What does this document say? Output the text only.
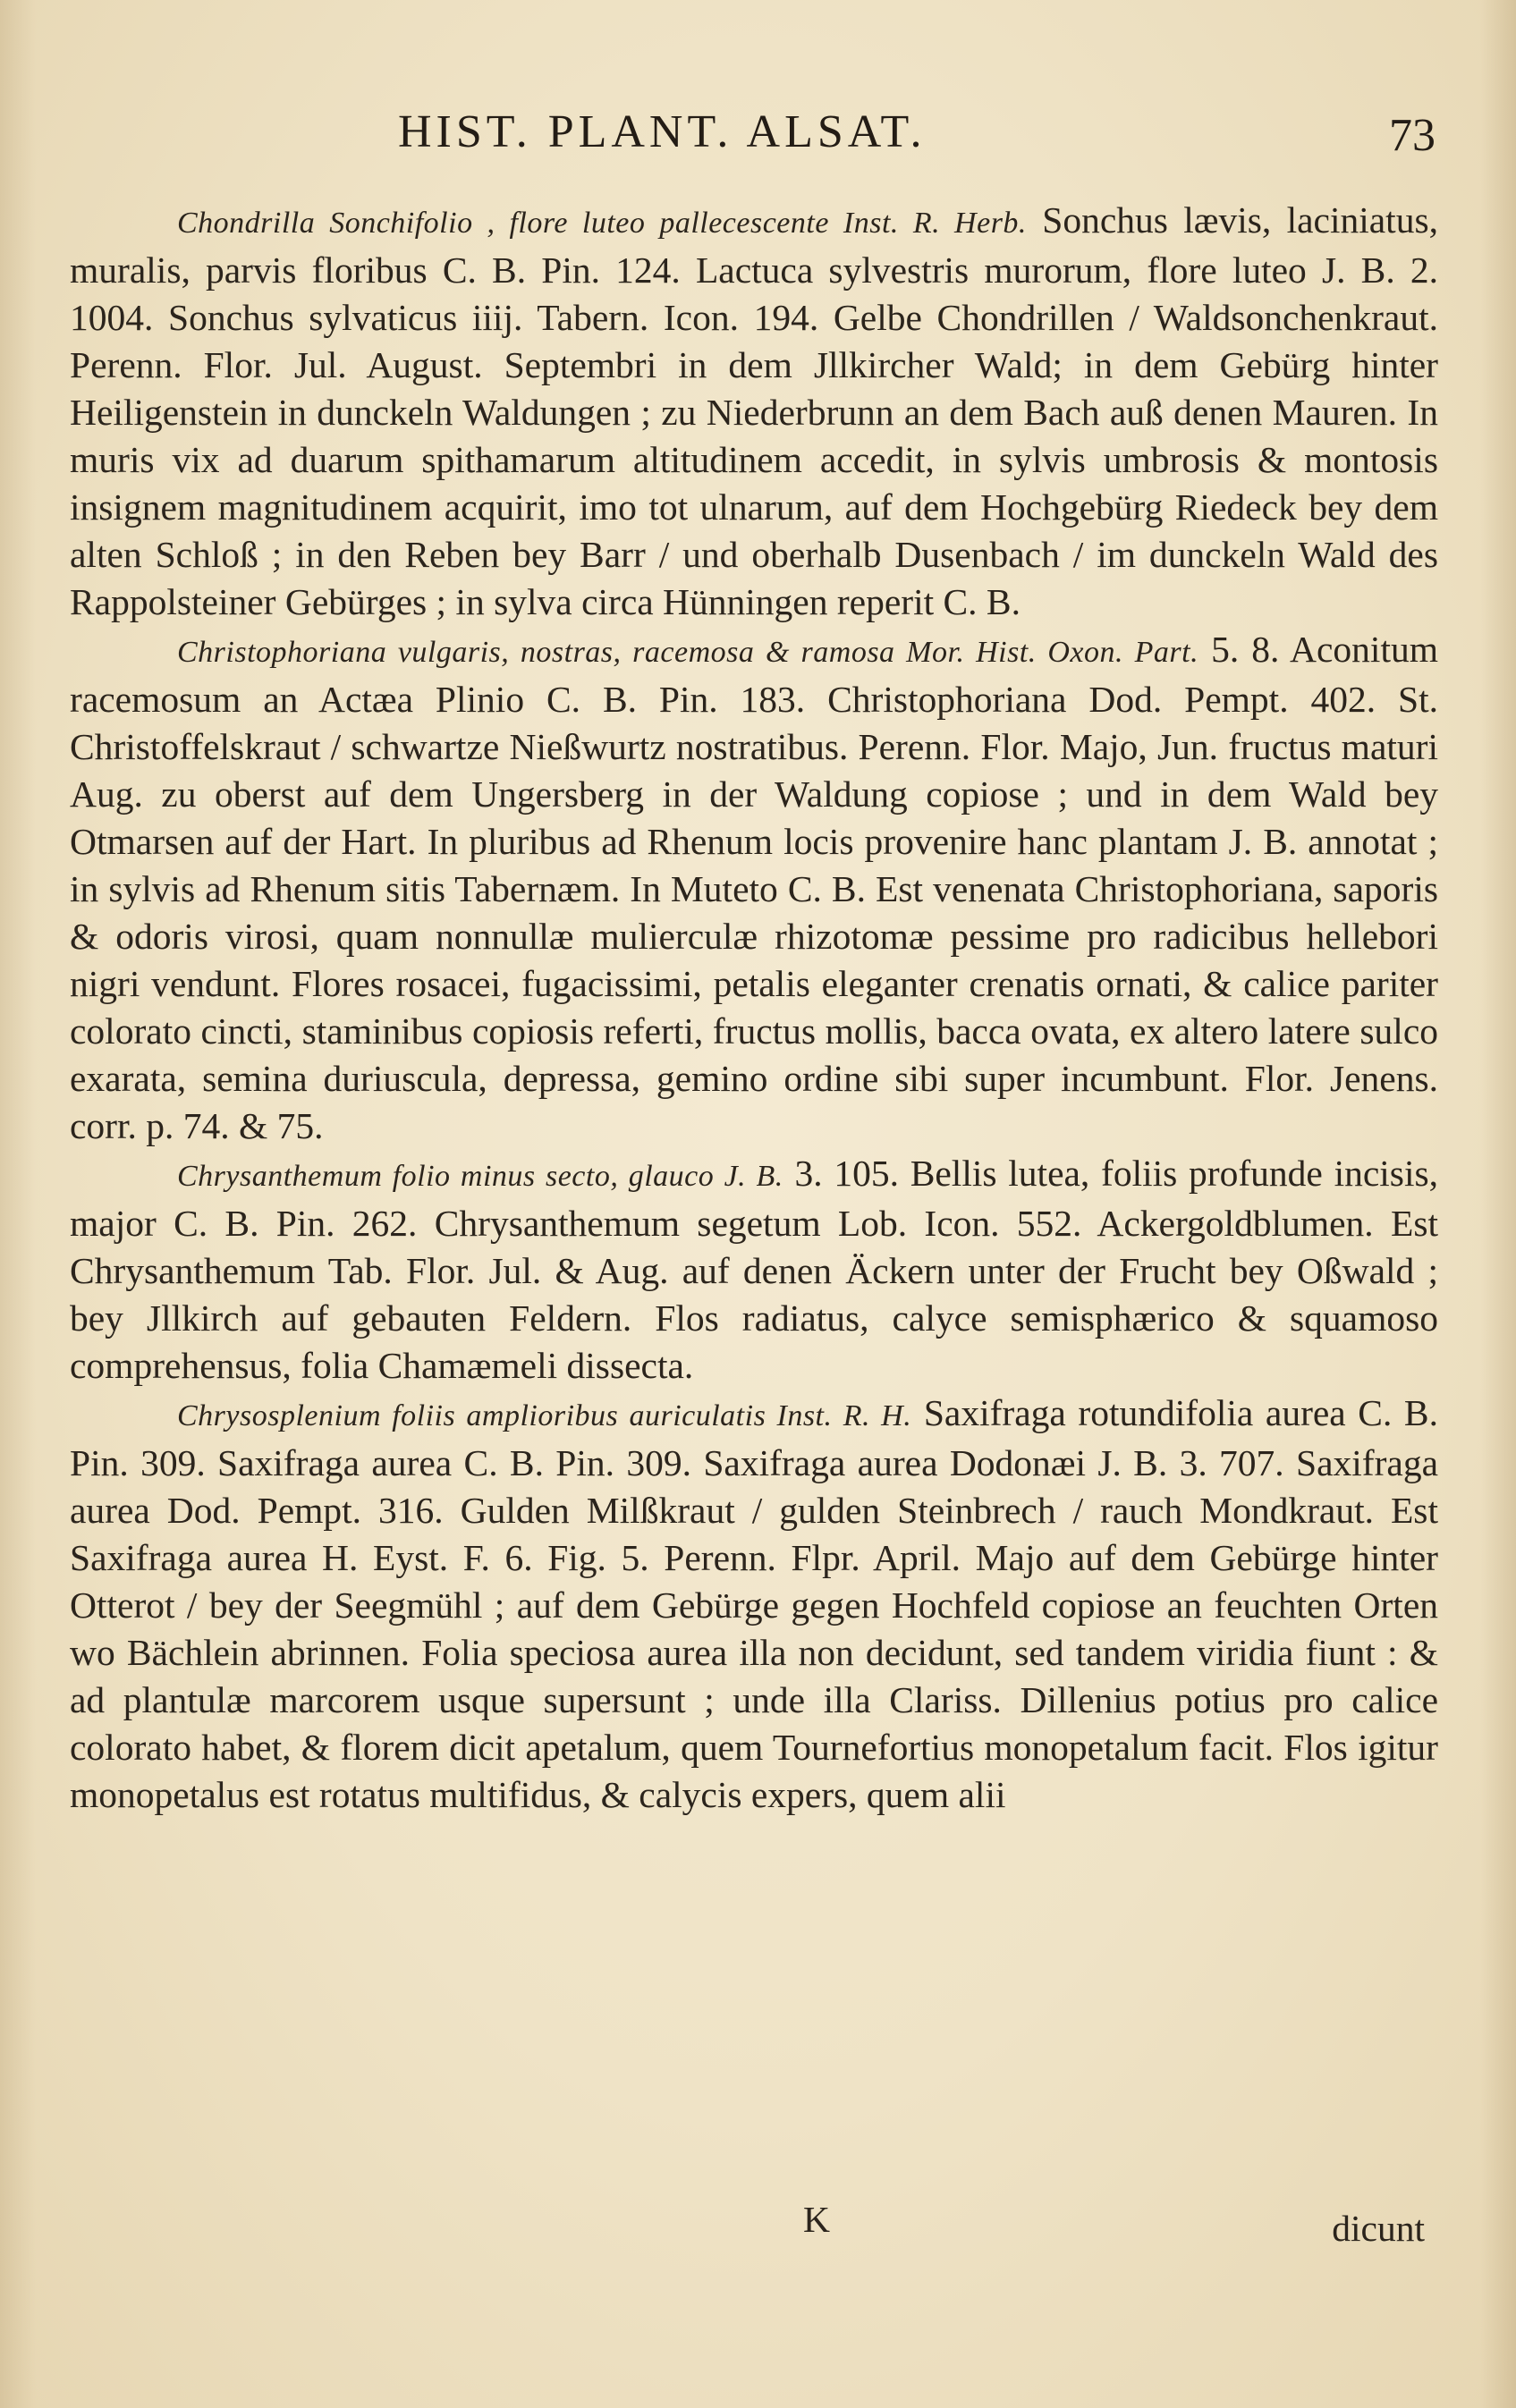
HIST. PLANT. ALSAT.	73

Chondrilla Sonchifolio , flore luteo pallecescente Inst. R. Herb. Sonchus lævis, laciniatus, muralis, parvis floribus C. B. Pin. 124. Lactuca sylvestris murorum, flore luteo J. B. 2. 1004. Sonchus sylvaticus iiij. Tabern. Icon. 194. Gelbe Chondrillen / Waldsonchenkraut. Perenn. Flor. Jul. August. Septembri in dem Jllkircher Wald; in dem Gebürg hinter Heiligenstein in dunckeln Waldungen ; zu Niederbrunn an dem Bach auß denen Mauren. In muris vix ad duarum spithamarum altitudinem accedit, in sylvis umbrosis & montosis insignem magnitudinem acquirit, imo tot ulnarum, auf dem Hochgebürg Riedeck bey dem alten Schloß ; in den Reben bey Barr / und oberhalb Dusenbach / im dunckeln Wald des Rappolsteiner Gebürges ; in sylva circa Hünningen reperit C. B.

Christophoriana vulgaris, nostras, racemosa & ramosa Mor. Hist. Oxon. Part. 5. 8. Aconitum racemosum an Actæa Plinio C. B. Pin. 183. Christophoriana Dod. Pempt. 402. St. Christoffelskraut / schwartze Nießwurtz nostratibus. Perenn. Flor. Majo, Jun. fructus maturi Aug. zu oberst auf dem Ungersberg in der Waldung copiose ; und in dem Wald bey Otmarsen auf der Hart. In pluribus ad Rhenum locis provenire hanc plantam J. B. annotat ; in sylvis ad Rhenum sitis Tabernæm. In Muteto C. B. Est venenata Christophoriana, saporis & odoris virosi, quam nonnullæ mulierculæ rhizotomæ pessime pro radicibus hellebori nigri vendunt. Flores rosacei, fugacissimi, petalis eleganter crenatis ornati, & calice pariter colorato cincti, staminibus copiosis referti, fructus mollis, bacca ovata, ex altero latere sulco exarata, semina duriuscula, depressa, gemino ordine sibi super incumbunt. Flor. Jenens. corr. p. 74. & 75.

Chrysanthemum folio minus secto, glauco J. B. 3. 105. Bellis lutea, foliis profunde incisis, major C. B. Pin. 262. Chrysanthemum segetum Lob. Icon. 552. Ackergoldblumen. Est Chrysanthemum Tab. Flor. Jul. & Aug. auf denen Äckern unter der Frucht bey Oßwald ; bey Jllkirch auf gebauten Feldern. Flos radiatus, calyce semisphærico & squamoso comprehensus, folia Chamæmeli dissecta.

Chrysosplenium foliis amplioribus auriculatis Inst. R. H. Saxifraga rotundifolia aurea C. B. Pin. 309. Saxifraga aurea C. B. Pin. 309. Saxifraga aurea Dodonæi J. B. 3. 707. Saxifraga aurea Dod. Pempt. 316. Gulden Milßkraut / gulden Steinbrech / rauch Mondkraut. Est Saxifraga aurea H. Eyst. F. 6. Fig. 5. Perenn. Flpr. April. Majo auf dem Gebürge hinter Otterot / bey der Seegmühl ; auf dem Gebürge gegen Hochfeld copiose an feuchten Orten wo Bächlein abrinnen. Folia speciosa aurea illa non decidunt, sed tandem viridia fiunt : & ad plantulæ marcorem usque supersunt ; unde illa Clariss. Dillenius potius pro calice colorato habet, & florem dicit apetalum, quem Tournefortius monopetalum facit. Flos igitur monopetalus est rotatus multifidus, & calycis expers, quem alii

K	dicunt
